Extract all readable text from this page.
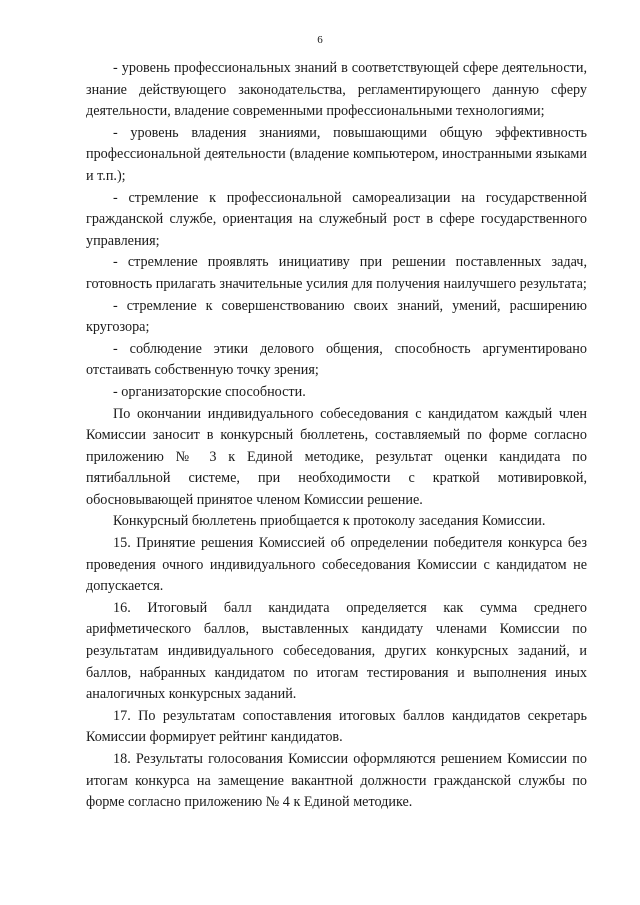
6

- уровень профессиональных знаний в соответствующей сфере деятельности, знание действующего законодательства, регламентирующего данную сферу деятельности, владение современными профессиональными технологиями;

- уровень владения знаниями, повышающими общую эффективность профессиональной деятельности (владение компьютером, иностранными языками и т.п.);

- стремление к профессиональной самореализации на государственной гражданской службе, ориентация на служебный рост в сфере государственного управления;

- стремление проявлять инициативу при решении поставленных задач, готовность прилагать значительные усилия для получения наилучшего результата;

- стремление к совершенствованию своих знаний, умений, расширению кругозора;

- соблюдение этики делового общения, способность аргументировано отстаивать собственную точку зрения;

- организаторские способности.

По окончании индивидуального собеседования с кандидатом каждый член Комиссии заносит в конкурсный бюллетень, составляемый по форме согласно приложению № 3 к Единой методике, результат оценки кандидата по пятибалльной системе, при необходимости с краткой мотивировкой, обосновывающей принятое членом Комиссии решение.

Конкурсный бюллетень приобщается к протоколу заседания Комиссии.

15. Принятие решения Комиссией об определении победителя конкурса без проведения очного индивидуального собеседования Комиссии с кандидатом не допускается.

16. Итоговый балл кандидата определяется как сумма среднего арифметического баллов, выставленных кандидату членами Комиссии по результатам индивидуального собеседования, других конкурсных заданий, и баллов, набранных кандидатом по итогам тестирования и выполнения иных аналогичных конкурсных заданий.

17. По результатам сопоставления итоговых баллов кандидатов секретарь Комиссии формирует рейтинг кандидатов.

18. Результаты голосования Комиссии оформляются решением Комиссии по итогам конкурса на замещение вакантной должности гражданской службы по форме согласно приложению № 4 к Единой методике.
